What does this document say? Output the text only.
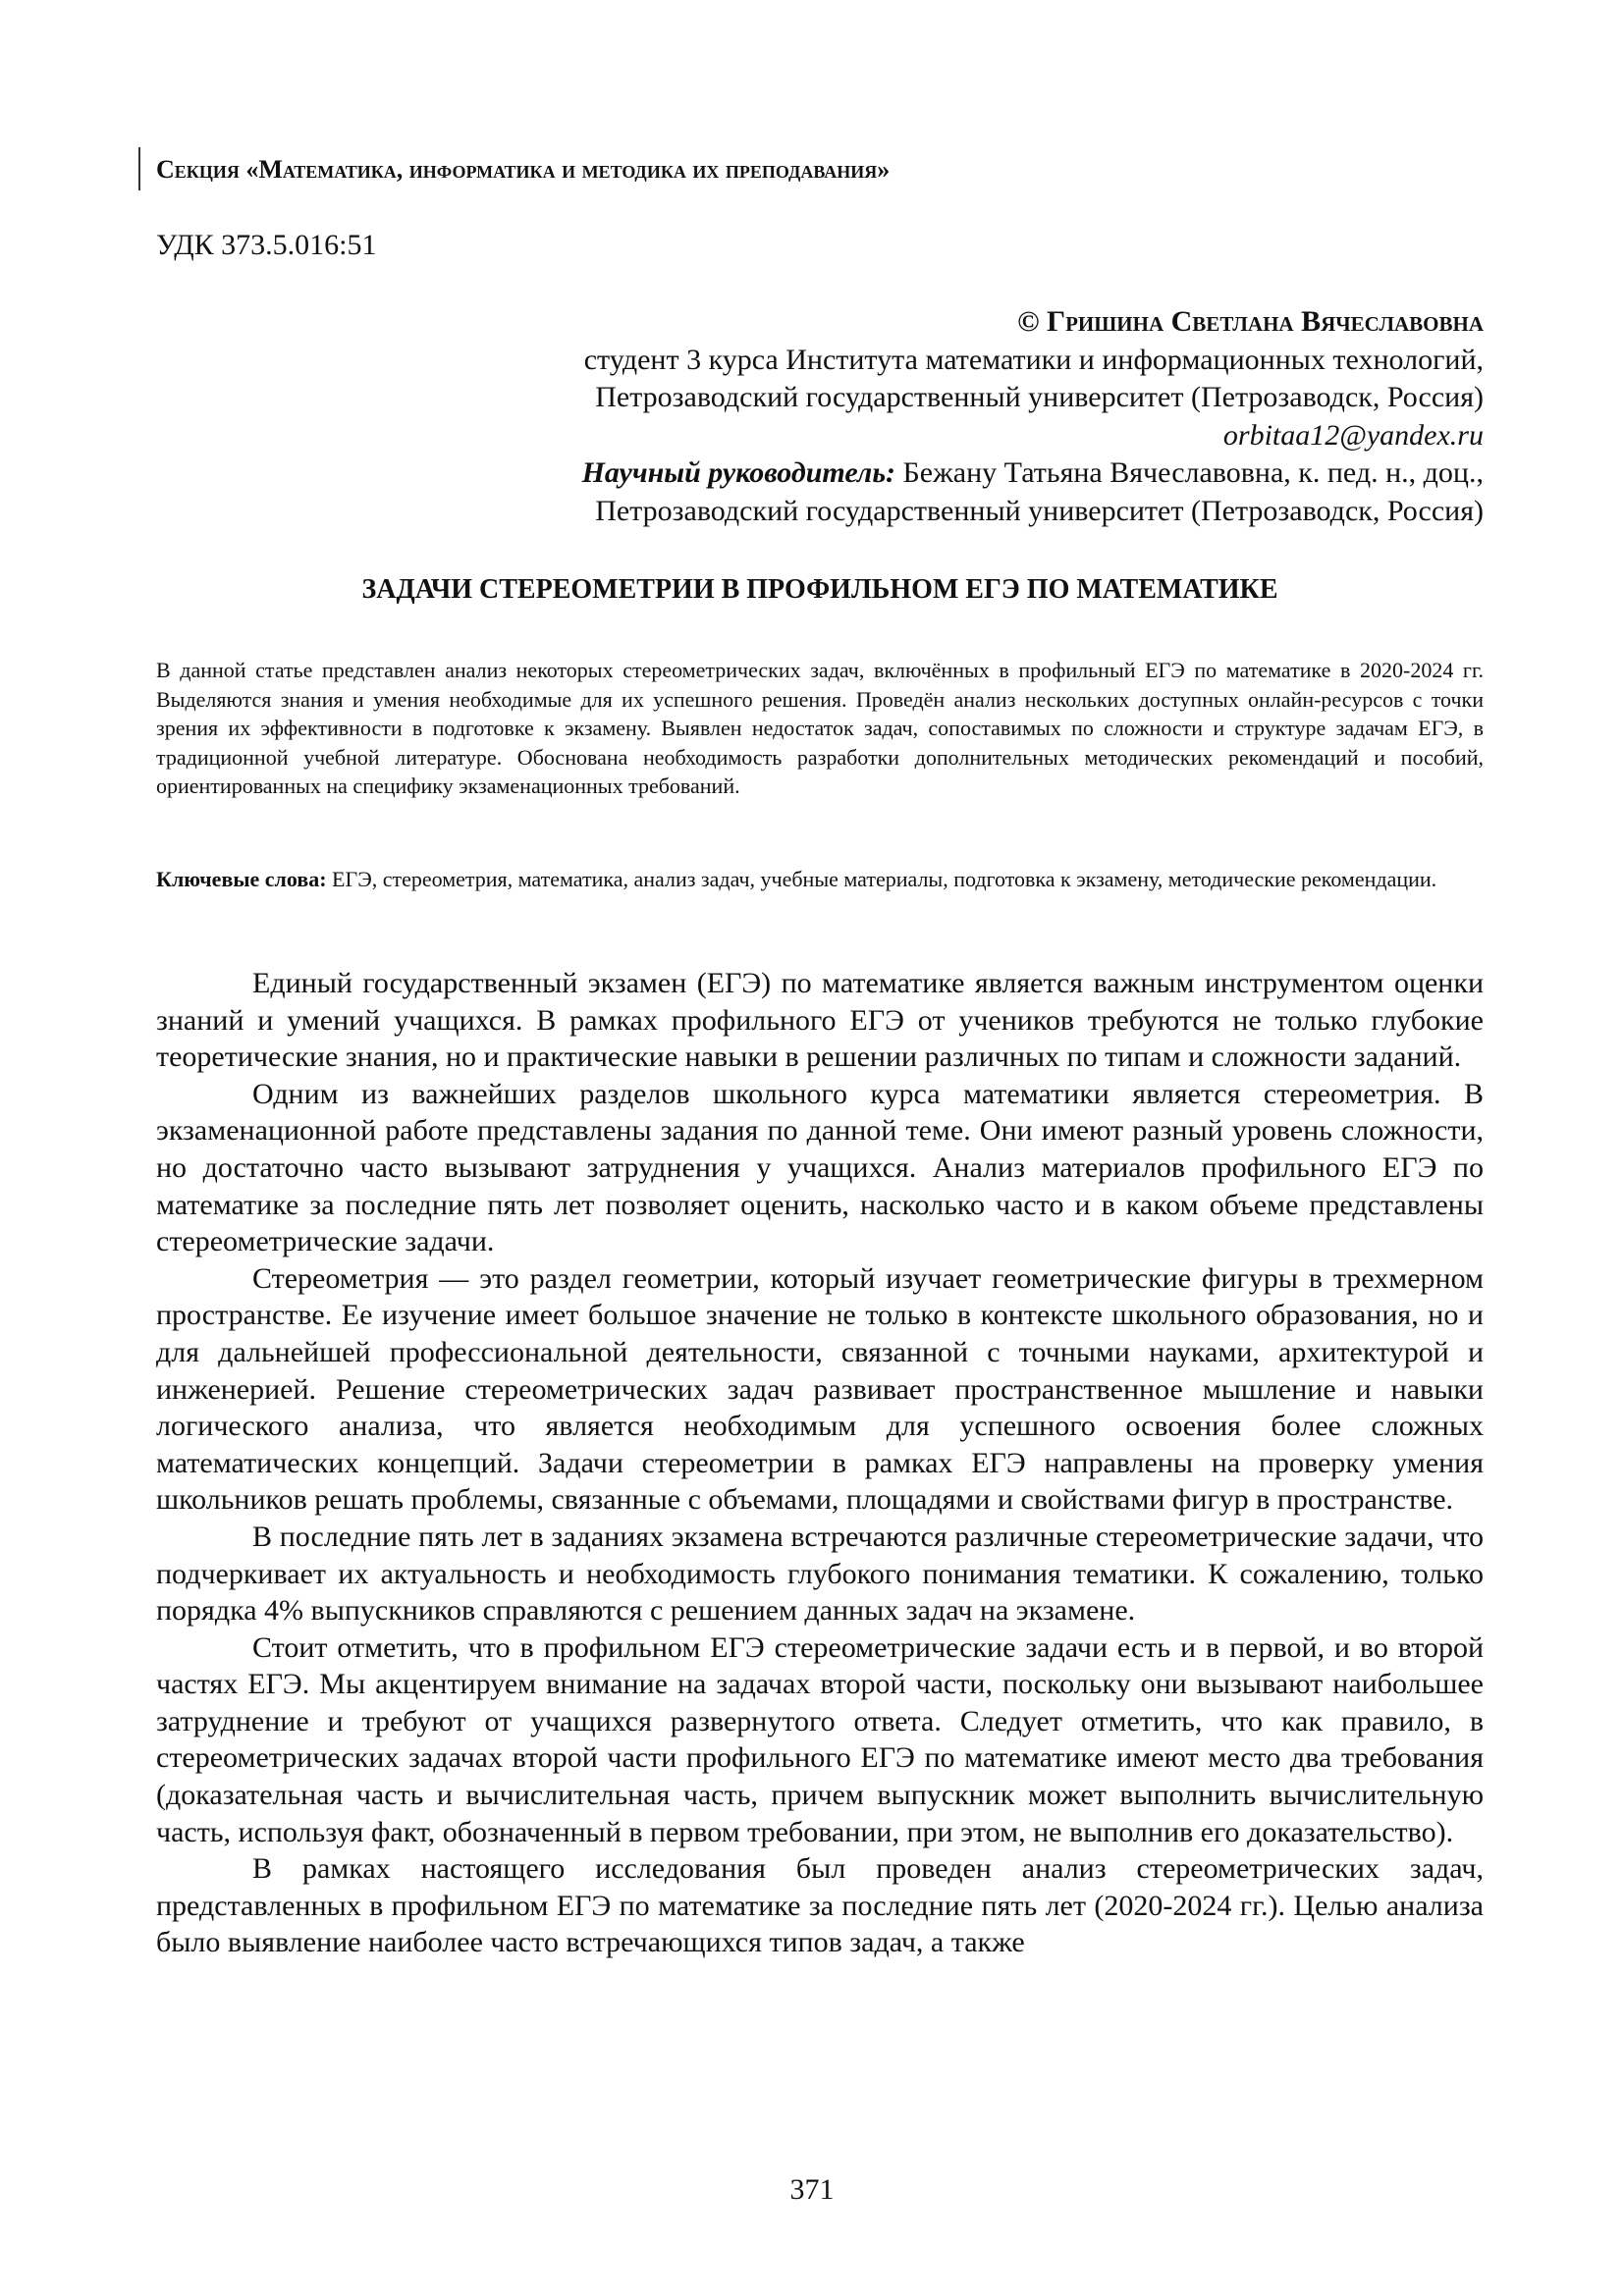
Секция «Математика, информатика и методика их преподавания»
УДК 373.5.016:51
© Гришина Светлана Вячеславовна
студент 3 курса Института математики и информационных технологий,
Петрозаводский государственный университет (Петрозаводск, Россия)
orbitaa12@yandex.ru
Научный руководитель: Бежану Татьяна Вячеславовна, к. пед. н., доц.,
Петрозаводский государственный университет (Петрозаводск, Россия)
ЗАДАЧИ СТЕРЕОМЕТРИИ В ПРОФИЛЬНОМ ЕГЭ ПО МАТЕМАТИКЕ

В данной статье представлен анализ некоторых стереометрических задач, включённых в профильный ЕГЭ по математике в 2020-2024 гг. Выделяются знания и умения необходимые для их успешного решения. Проведён анализ нескольких доступных онлайн-ресурсов с точки зрения их эффективности в подготовке к экзамену. Выявлен недостаток задач, сопоставимых по сложности и структуре задачам ЕГЭ, в традиционной учебной литературе. Обоснована необходимость разработки дополнительных методических рекомендаций и пособий, ориентированных на специфику экзаменационных требований.

Ключевые слова: ЕГЭ, стереометрия, математика, анализ задач, учебные материалы, подготовка к экзамену, методические рекомендации.

Единый государственный экзамен (ЕГЭ) по математике является важным инструментом оценки знаний и умений учащихся. В рамках профильного ЕГЭ от учеников требуются не только глубокие теоретические знания, но и практические навыки в решении различных по типам и сложности заданий.

Одним из важнейших разделов школьного курса математики является стереометрия. В экзаменационной работе представлены задания по данной теме. Они имеют разный уровень сложности, но достаточно часто вызывают затруднения у учащихся. Анализ материалов профильного ЕГЭ по математике за последние пять лет позволяет оценить, насколько часто и в каком объеме представлены стереометрические задачи.

Стереометрия — это раздел геометрии, который изучает геометрические фигуры в трехмерном пространстве. Ее изучение имеет большое значение не только в контексте школьного образования, но и для дальнейшей профессиональной деятельности, связанной с точными науками, архитектурой и инженерией. Решение стереометрических задач развивает пространственное мышление и навыки логического анализа, что является необходимым для успешного освоения более сложных математических концепций. Задачи стереометрии в рамках ЕГЭ направлены на проверку умения школьников решать проблемы, связанные с объемами, площадями и свойствами фигур в пространстве.

В последние пять лет в заданиях экзамена встречаются различные стереометрические задачи, что подчеркивает их актуальность и необходимость глубокого понимания тематики. К сожалению, только порядка 4% выпускников справляются с решением данных задач на экзамене.

Стоит отметить, что в профильном ЕГЭ стереометрические задачи есть и в первой, и во второй частях ЕГЭ. Мы акцентируем внимание на задачах второй части, поскольку они вызывают наибольшее затруднение и требуют от учащихся развернутого ответа. Следует отметить, что как правило, в стереометрических задачах второй части профильного ЕГЭ по математике имеют место два требования (доказательная часть и вычислительная часть, причем выпускник может выполнить вычислительную часть, используя факт, обозначенный в первом требовании, при этом, не выполнив его доказательство).

В рамках настоящего исследования был проведен анализ стереометрических задач, представленных в профильном ЕГЭ по математике за последние пять лет (2020-2024 гг.). Целью анализа было выявление наиболее часто встречающихся типов задач, а также

371
